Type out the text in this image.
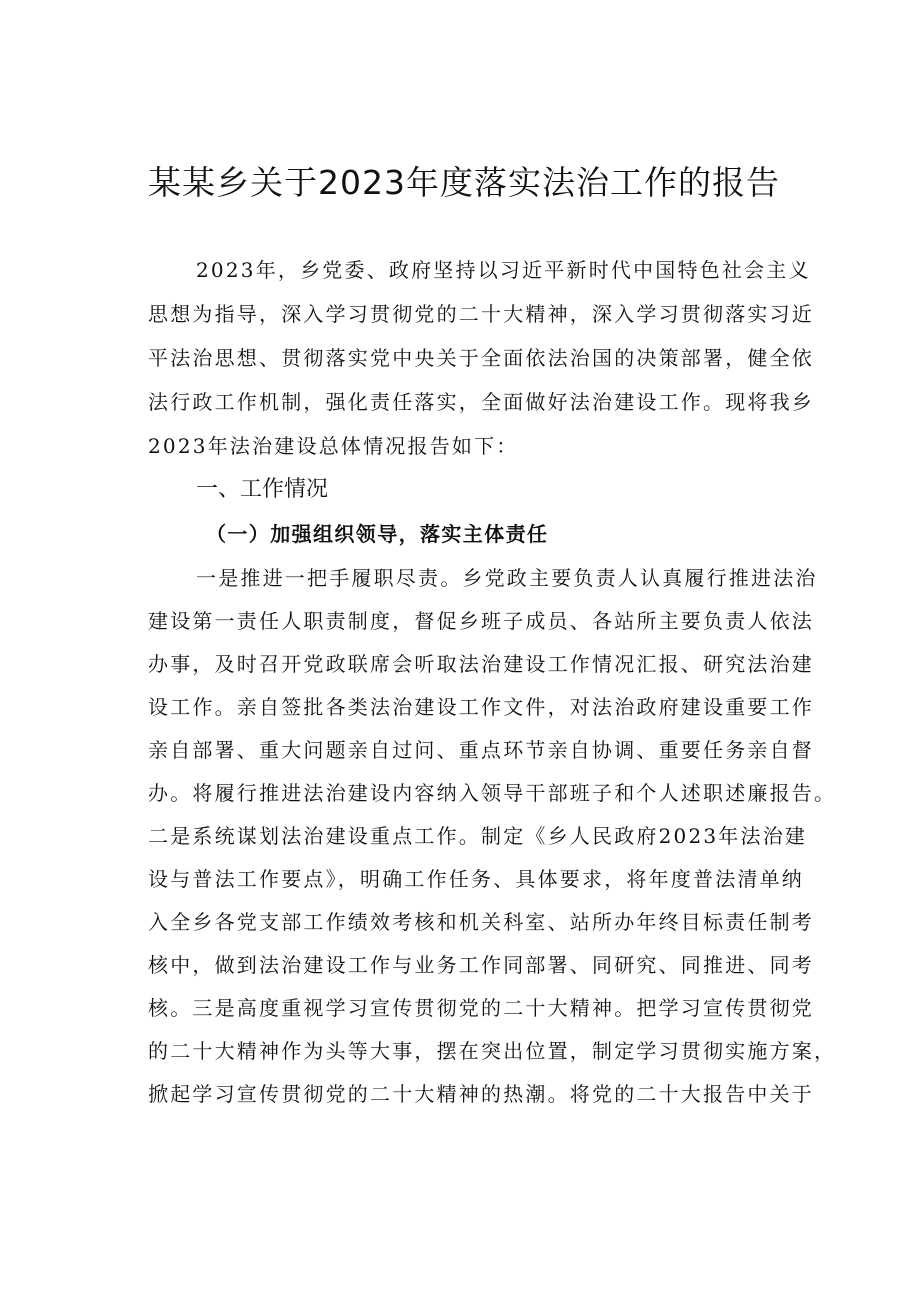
某某乡关于2023年度落实法治工作的报告
2023年，乡党委、政府坚持以习近平新时代中国特色社会主义
思想为指导，深入学习贯彻党的二十大精神，深入学习贯彻落实习近
平法治思想、贯彻落实党中央关于全面依法治国的决策部署，健全依
法行政工作机制，强化责任落实，全面做好法治建设工作。现将我乡
2023年法治建设总体情况报告如下：
一、工作情况
（一）加强组织领导，落实主体责任
一是推进一把手履职尽责。乡党政主要负责人认真履行推进法治
建设第一责任人职责制度，督促乡班子成员、各站所主要负责人依法
办事，及时召开党政联席会听取法治建设工作情况汇报、研究法治建
设工作。亲自签批各类法治建设工作文件，对法治政府建设重要工作
亲自部署、重大问题亲自过问、重点环节亲自协调、重要任务亲自督
办。将履行推进法治建设内容纳入领导干部班子和个人述职述廉报告。
二是系统谋划法治建设重点工作。制定《乡人民政府2023年法治建
设与普法工作要点》，明确工作任务、具体要求，将年度普法清单纳
入全乡各党支部工作绩效考核和机关科室、站所办年终目标责任制考
核中，做到法治建设工作与业务工作同部署、同研究、同推进、同考
核。三是高度重视学习宣传贯彻党的二十大精神。把学习宣传贯彻党
的二十大精神作为头等大事，摆在突出位置，制定学习贯彻实施方案，
掀起学习宣传贯彻党的二十大精神的热潮。将党的二十大报告中关于
